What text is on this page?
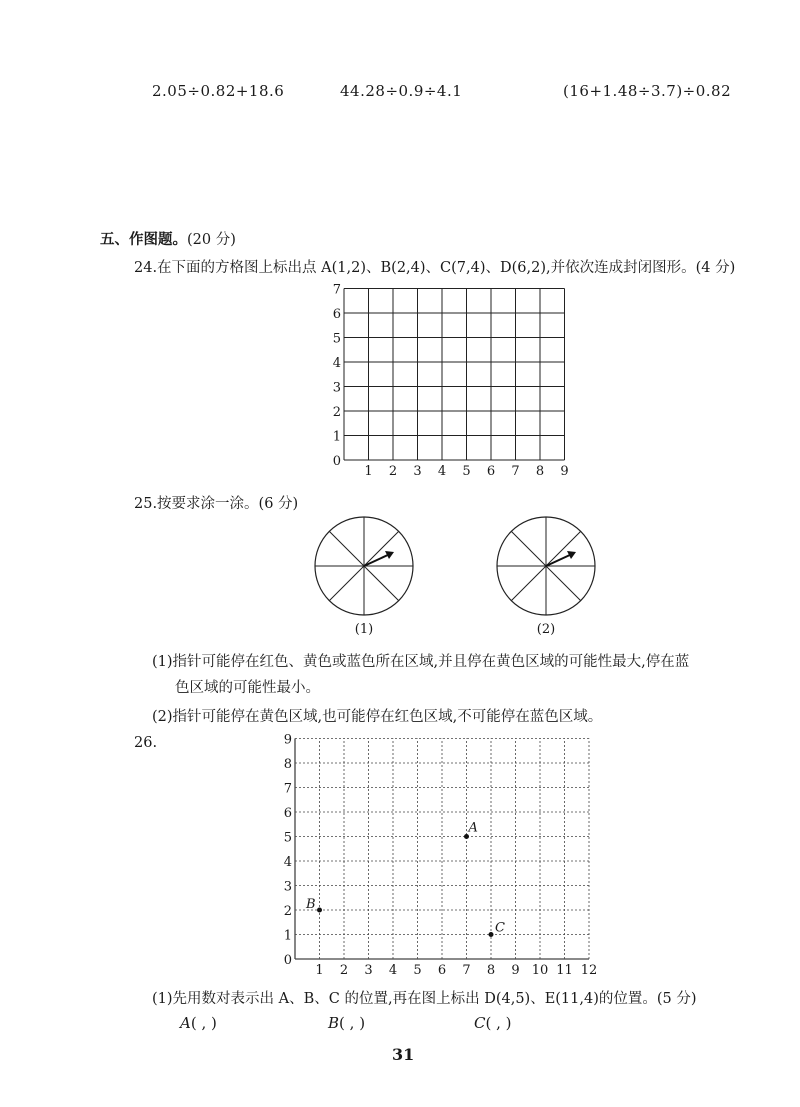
2.05÷0.82+18.6	44.28÷0.9÷4.1	(16+1.48÷3.7)÷0.82
五、作图题。(20 分)
24.在下面的方格图上标出点 A(1,2)、B(2,4)、C(7,4)、D(6,2),并依次连成封闭图形。(4 分)
1 2 3 4 5 6 7 8 9
0
1
2
3
4
5
6
7
25.按要求涂一涂。(6 分)
(1)	(2)
(1)指针可能停在红色、黄色或蓝色所在区域,并且停在黄色区域的可能性最大,停在蓝
色区域的可能性最小。
(2)指针可能停在黄色区域,也可能停在红色区域,不可能停在蓝色区域。
26.
1 2 3 4 5 6 7 8 9 10 11 12
0
1
2
3
4
5
6
7
8
9
A
B
C
(1)先用数对表示出 A、B、C 的位置,再在图上标出 D(4,5)、E(11,4)的位置。(5 分)
A( , )	B( , )	C( , )
31
